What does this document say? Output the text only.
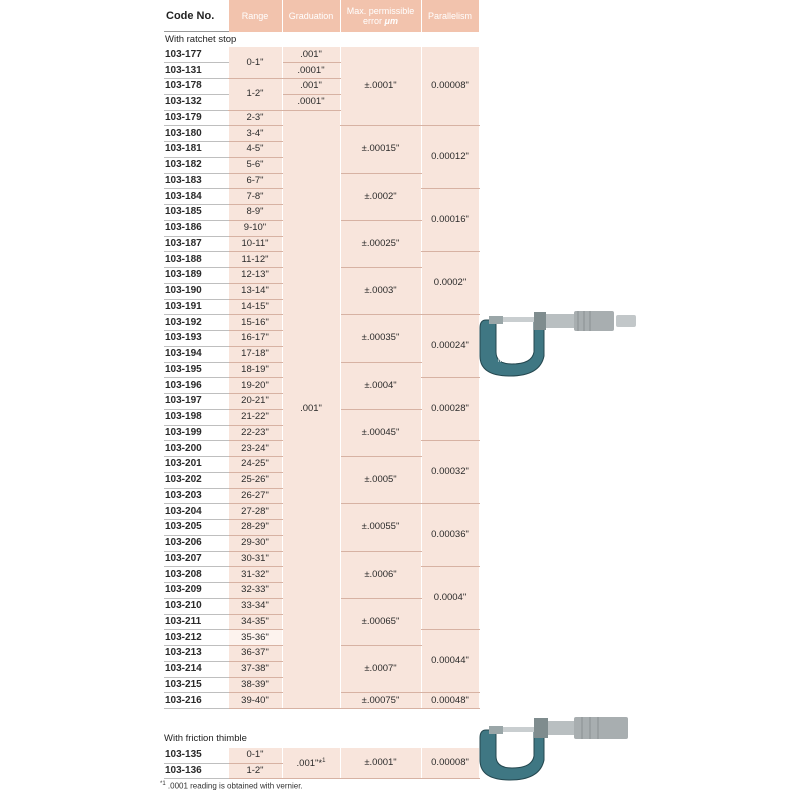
Code No.	Range	Graduation	Max. permissible
error μm	Parallelism
With ratchet stop				
103-177	0-1"	.001"	±.0001"	0.00008"
103-131		.0001"		
103-178	1-2"	.001"		
103-132		.0001"		
103-179	2-3"	.001"		
103-180	3-4"		±.00015"	0.00012"
103-181	4-5"			
103-182	5-6"			
103-183	6-7"		±.0002"	
103-184	7-8"			0.00016"
103-185	8-9"			
103-186	9-10"		±.00025"	
103-187	10-11"			
103-188	11-12"			0.0002"
103-189	12-13"		±.0003"	
103-190	13-14"			
103-191	14-15"			
103-192	15-16"		±.00035"	0.00024"
103-193	16-17"			
103-194	17-18"			
103-195	18-19"		±.0004"	
103-196	19-20"			0.00028"
103-197	20-21"			
103-198	21-22"		±.00045"	
103-199	22-23"			
103-200	23-24"			0.00032"
103-201	24-25"		±.0005"	
103-202	25-26"			
103-203	26-27"			
103-204	27-28"		±.00055"	0.00036"
103-205	28-29"			
103-206	29-30"			
103-207	30-31"		±.0006"	
103-208	31-32"			0.0004"
103-209	32-33"			
103-210	33-34"		±.00065"	
103-211	34-35"			
103-212	35-36"			0.00044"
103-213	36-37"		±.0007"	
103-214	37-38"			
103-215	38-39"			
103-216	39-40"		±.00075"	0.00048"
With friction thimble
103-135	0-1"	.001"*$^1$	±.0001"	0.00008"
103-136	1-2"			
$^{*1}$ .0001 reading is obtained with vernier.
Mitutoyo
Mitutoyo
